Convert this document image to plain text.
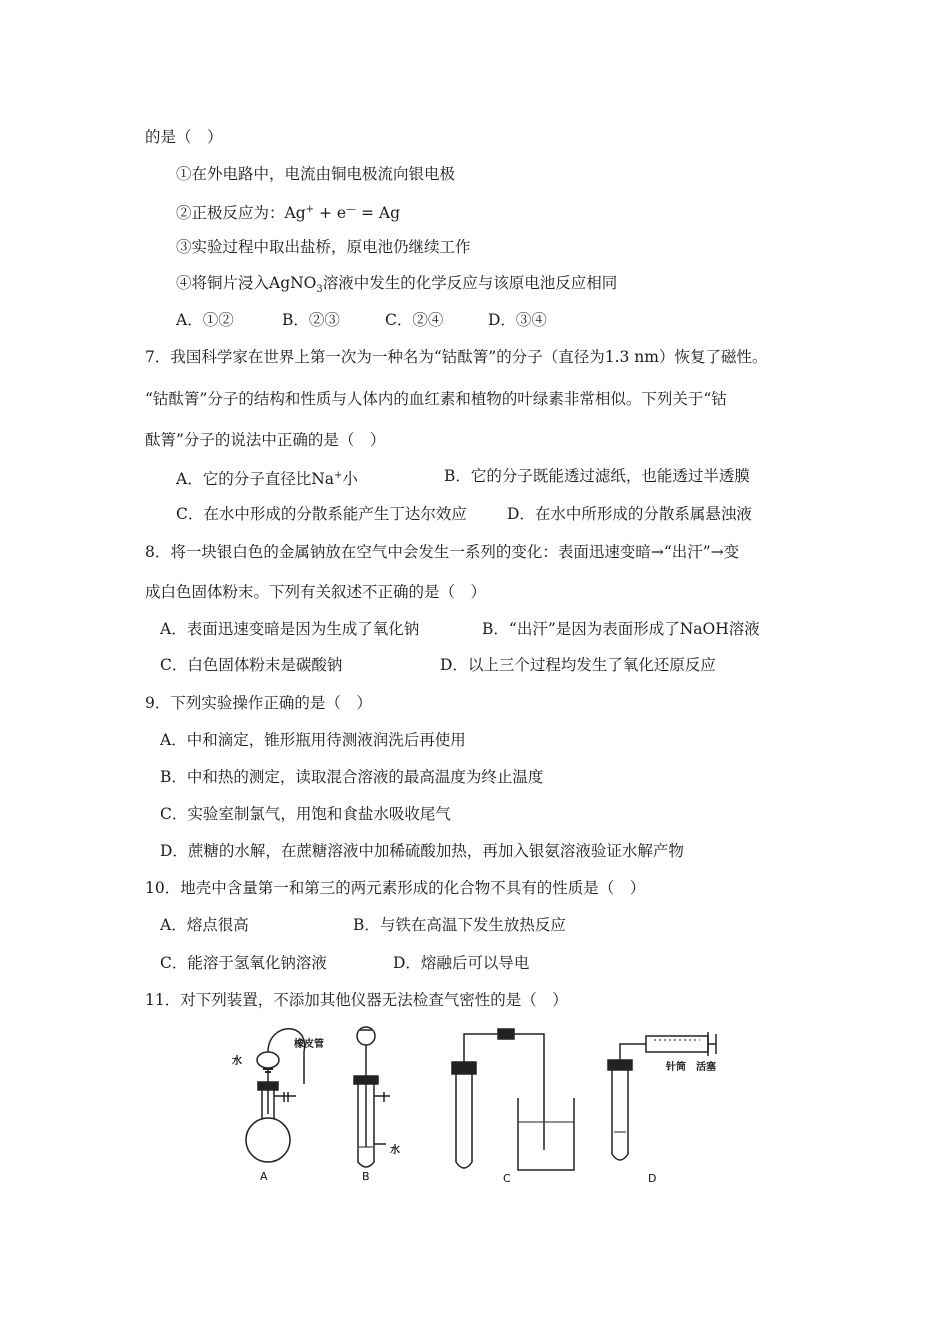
的是（　）
①在外电路中，电流由铜电极流向银电极
②正极反应为：Ag+ + e— = Ag
③实验过程中取出盐桥，原电池仍继续工作
④将铜片浸入AgNO$_3$溶液中发生的化学反应与该原电池反应相同
A．①②	B．②③	C．②④	D．③④
7．我国科学家在世界上第一次为一种名为“钴酞箐”的分子（直径为1.3 nm）恢复了磁性。
“钴酞箐”分子的结构和性质与人体内的血红素和植物的叶绿素非常相似。下列关于“钴
酞箐”分子的说法中正确的是（　）
A．它的分子直径比Na+小	B．它的分子既能透过滤纸，也能透过半透膜
C．在水中形成的分散系能产生丁达尔效应	D．在水中所形成的分散系属悬浊液
8．将一块银白色的金属钠放在空气中会发生一系列的变化：表面迅速变暗→“出汗”→变
成白色固体粉末。下列有关叙述不正确的是（　）
A．表面迅速变暗是因为生成了氧化钠	B．“出汗”是因为表面形成了NaOH溶液
C．白色固体粉末是碳酸钠	D．以上三个过程均发生了氧化还原反应
9．下列实验操作正确的是（　）
A．中和滴定，锥形瓶用待测液润洗后再使用
B．中和热的测定，读取混合溶液的最高温度为终止温度
C．实验室制氯气，用饱和食盐水吸收尾气
D．蔗糖的水解，在蔗糖溶液中加稀硫酸加热，再加入银氨溶液验证水解产物
10．地壳中含量第一和第三的两元素形成的化合物不具有的性质是（　）
A．熔点很高	B．与铁在高温下发生放热反应
C．能溶于氢氧化钠溶液	D．熔融后可以导电
11．对下列装置，不添加其他仪器无法检查气密性的是（　）
水
橡皮管
水
针筒 活塞
A	B	C	D
